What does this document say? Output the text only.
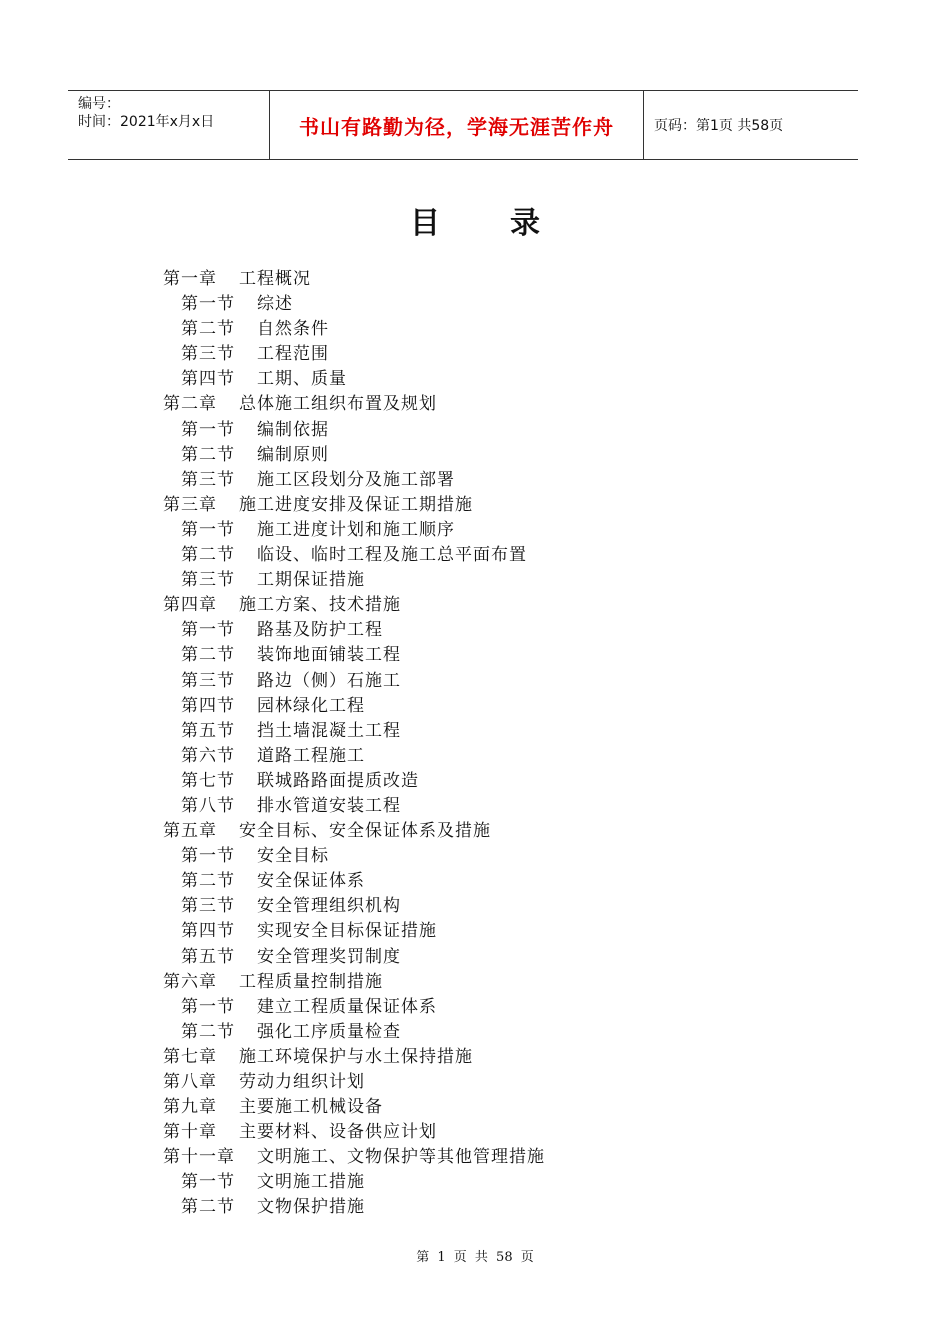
编号：
时间：2021年x月x日	书山有路勤为径，学海无涯苦作舟	页码：第1页 共58页
目录
第一章 工程概况
第一节 综述
第二节 自然条件
第三节 工程范围
第四节 工期、质量
第二章 总体施工组织布置及规划
第一节 编制依据
第二节 编制原则
第三节 施工区段划分及施工部署
第三章 施工进度安排及保证工期措施
第一节 施工进度计划和施工顺序
第二节 临设、临时工程及施工总平面布置
第三节 工期保证措施
第四章 施工方案、技术措施
第一节 路基及防护工程
第二节 装饰地面铺装工程
第三节 路边（侧）石施工
第四节 园林绿化工程
第五节 挡土墙混凝土工程
第六节 道路工程施工
第七节 联城路路面提质改造
第八节 排水管道安装工程
第五章 安全目标、安全保证体系及措施
第一节 安全目标
第二节 安全保证体系
第三节 安全管理组织机构
第四节 实现安全目标保证措施
第五节 安全管理奖罚制度
第六章 工程质量控制措施
第一节 建立工程质量保证体系
第二节 强化工序质量检查
第七章 施工环境保护与水土保持措施
第八章 劳动力组织计划
第九章 主要施工机械设备
第十章 主要材料、设备供应计划
第十一章 文明施工、文物保护等其他管理措施
第一节 文明施工措施
第二节 文物保护措施
第 1 页 共 58 页
